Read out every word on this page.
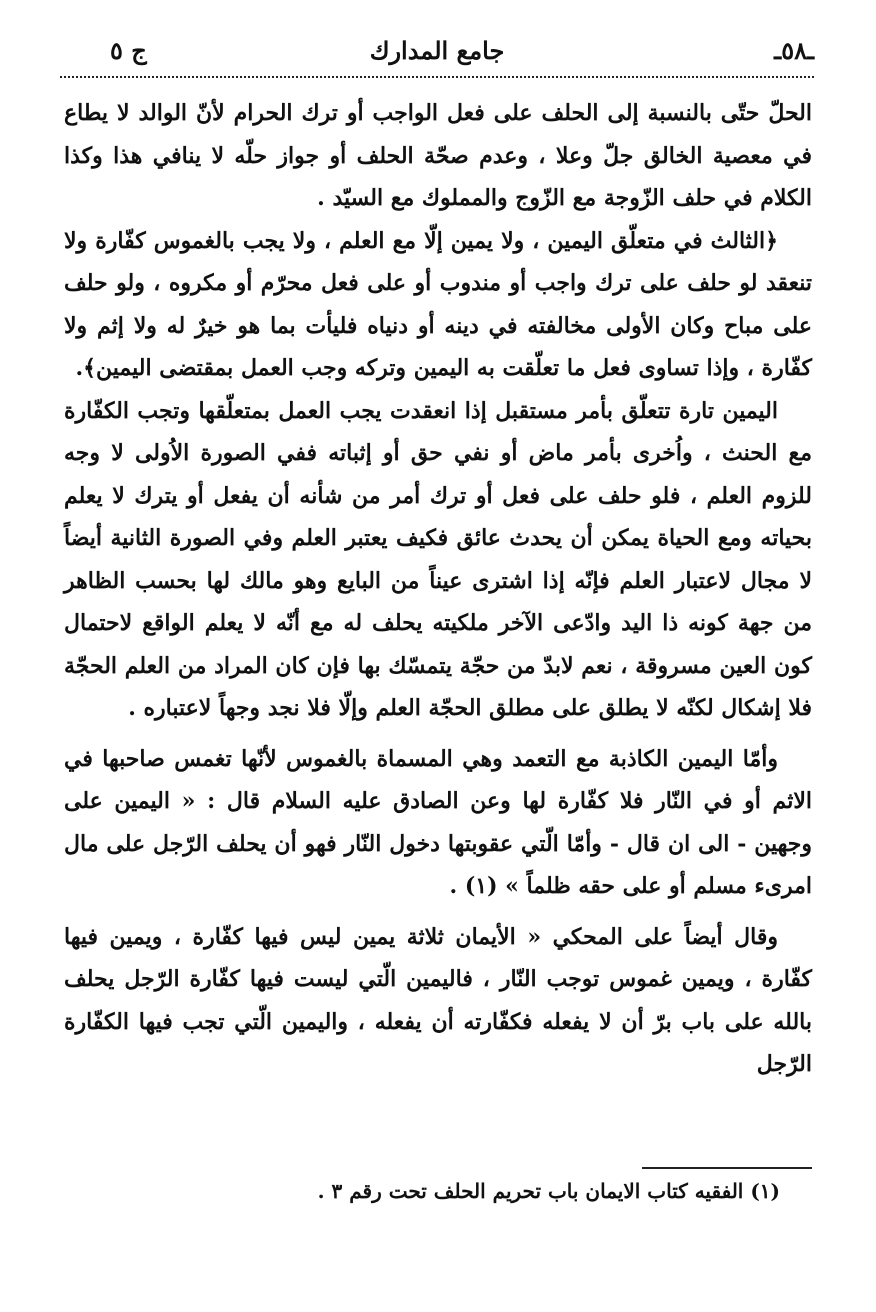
ج ٥	جامع المدارك	ـ٥٨ـ

الحلّ حتّى بالنسبة إلى الحلف على فعل الواجب أو ترك الحرام لأنّ الوالد لا يطاع في معصية الخالق جلّ وعلا ، وعدم صحّة الحلف أو جواز حلّه لا ينافي هذا وكذا الكلام في حلف الزّوجة مع الزّوج والمملوك مع السيّد .

﴿الثالث في متعلّق اليمين ، ولا يمين إلّا مع العلم ، ولا يجب بالغموس كفّارة ولا تنعقد لو حلف على ترك واجب أو مندوب أو على فعل محرّم أو مكروه ، ولو حلف على مباح وكان الأولى مخالفته في دينه أو دنياه فليأت بما هو خيرٌ له ولا إثم ولا كفّارة ، وإذا تساوى فعل ما تعلّقت به اليمين وتركه وجب العمل بمقتضى اليمين﴾.

اليمين تارة تتعلّق بأمر مستقبل إذا انعقدت يجب العمل بمتعلّقها وتجب الكفّارة مع الحنث ، واُخرى بأمر ماض أو نفي حق أو إثباته ففي الصورة الاُولى لا وجه للزوم العلم ، فلو حلف على فعل أو ترك أمر من شأنه أن يفعل أو يترك لا يعلم بحياته ومع الحياة يمكن أن يحدث عائق فكيف يعتبر العلم وفي الصورة الثانية أيضاً لا مجال لاعتبار العلم فإنّه إذا اشترى عيناً من البايع وهو مالك لها بحسب الظاهر من جهة كونه ذا اليد وادّعى الآخر ملكيته يحلف له مع أنّه لا يعلم الواقع لاحتمال كون العين مسروقة ، نعم لابدّ من حجّة يتمسّك بها فإن كان المراد من العلم الحجّة فلا إشكال لكنّه لا يطلق على مطلق الحجّة العلم وإلّا فلا نجد وجهاً لاعتباره .

وأمّا اليمين الكاذبة مع التعمد وهي المسماة بالغموس لأنّها تغمس صاحبها في الاثم أو في النّار فلا كفّارة لها وعن الصادق عليه السلام قال : « اليمين على وجهين - الى ان قال - وأمّا الّتي عقوبتها دخول النّار فهو أن يحلف الرّجل على مال امرىء مسلم أو على حقه ظلماً » (١) .

وقال أيضاً على المحكي « الأيمان ثلاثة يمين ليس فيها كفّارة ، ويمين فيها كفّارة ، ويمين غموس توجب النّار ، فاليمين الّتي ليست فيها كفّارة الرّجل يحلف بالله على باب برّ أن لا يفعله فكفّارته أن يفعله ، واليمين الّتي تجب فيها الكفّارة الرّجل

(١) الفقيه كتاب الايمان باب تحريم الحلف تحت رقم ٣ .
